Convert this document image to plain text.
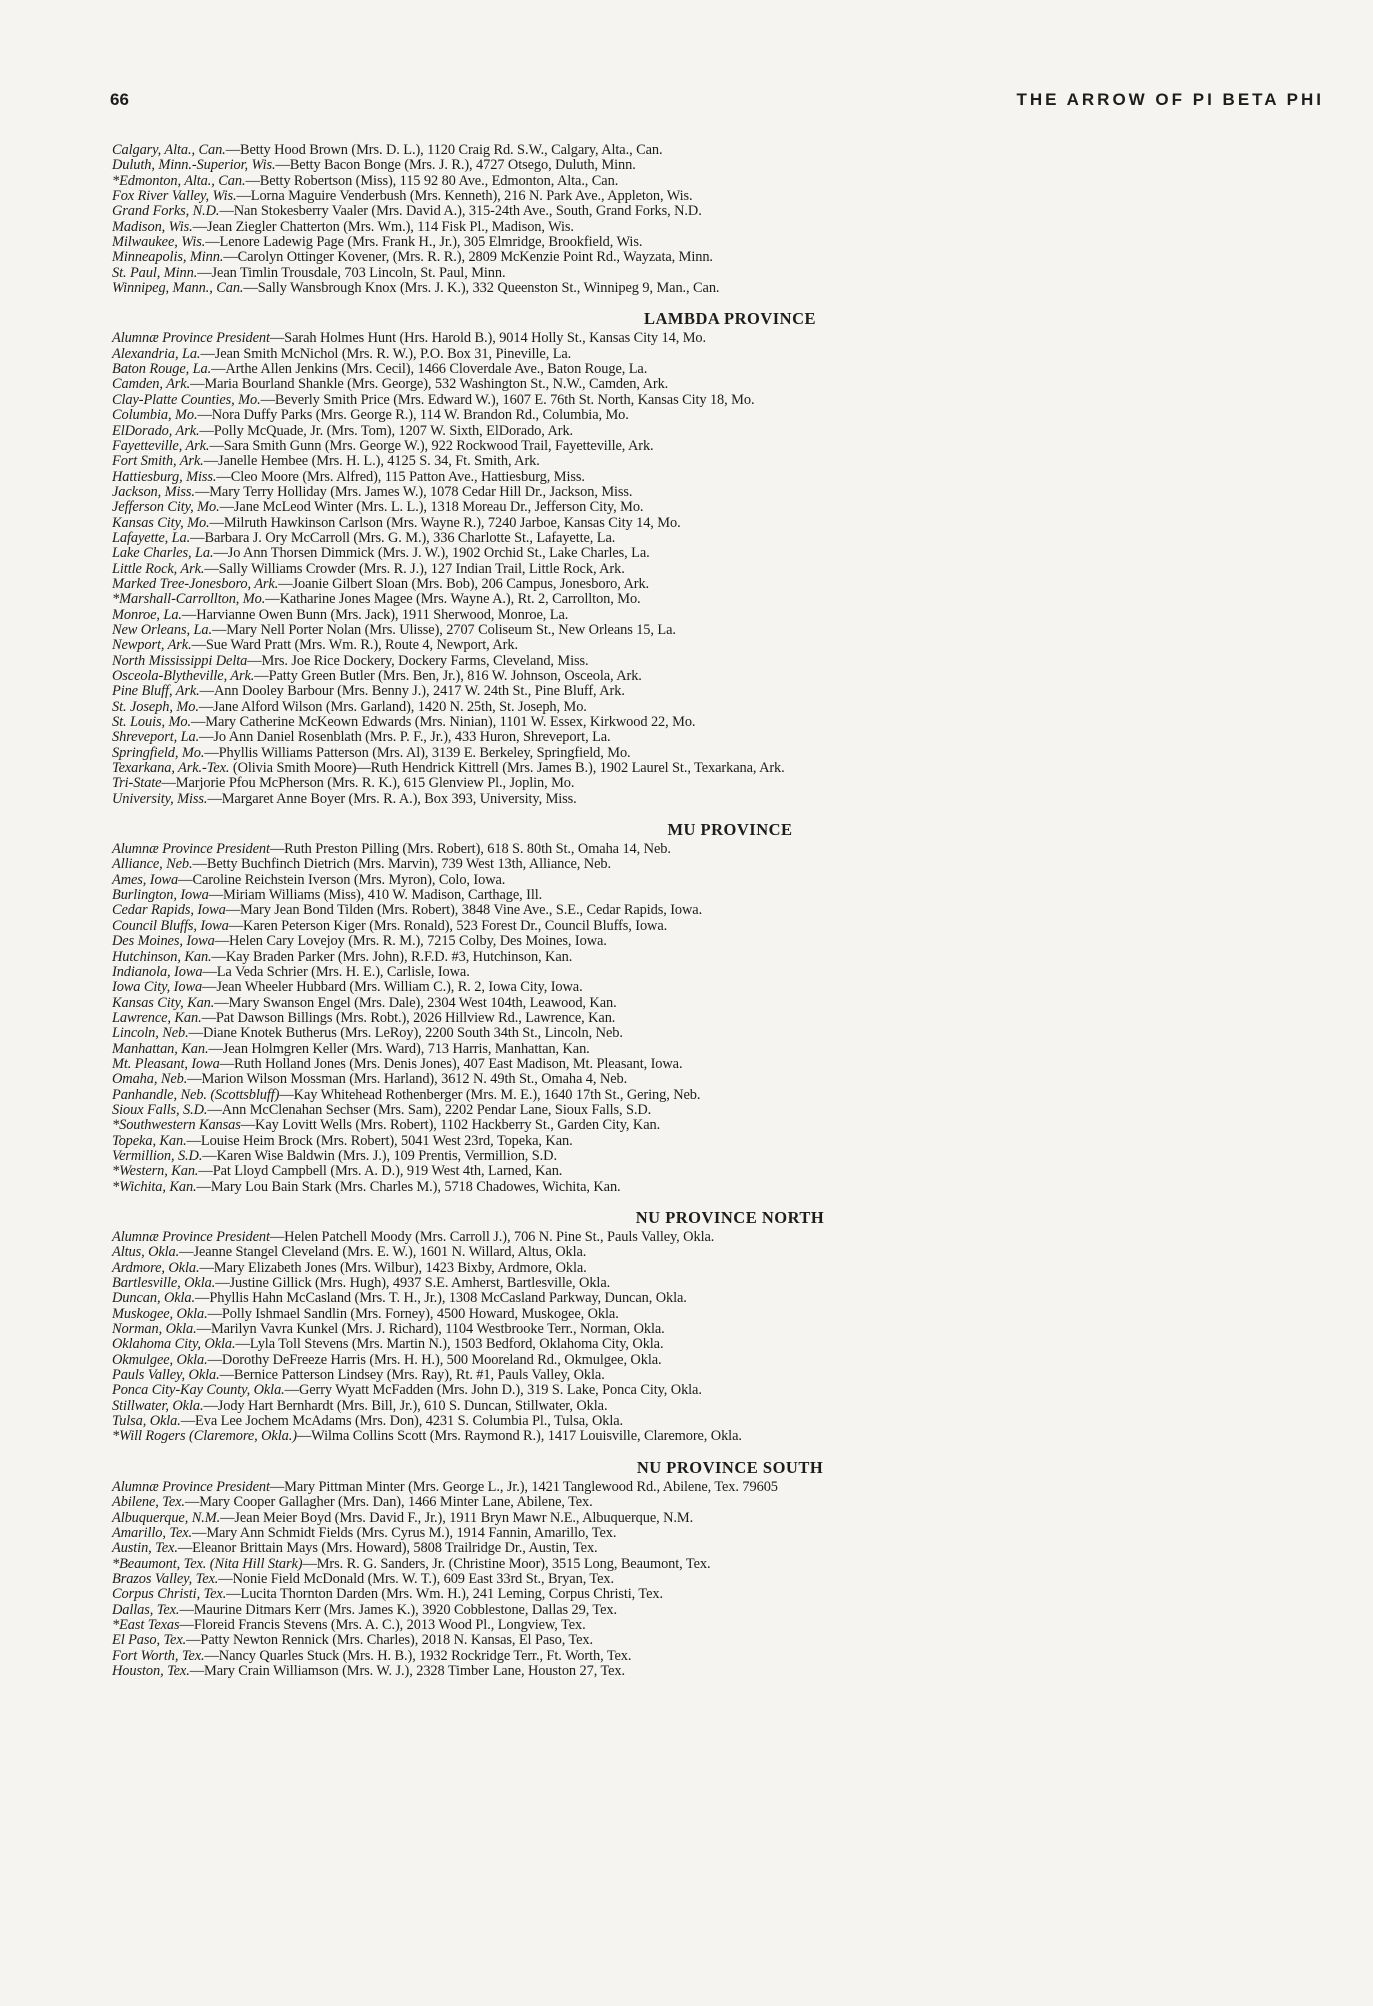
66	THE ARROW OF PI BETA PHI
Calgary, Alta., Can.—Betty Hood Brown (Mrs. D. L.), 1120 Craig Rd. S.W., Calgary, Alta., Can.
Duluth, Minn.-Superior, Wis.—Betty Bacon Bonge (Mrs. J. R.), 4727 Otsego, Duluth, Minn.
*Edmonton, Alta., Can.—Betty Robertson (Miss), 115 92 80 Ave., Edmonton, Alta., Can.
Fox River Valley, Wis.—Lorna Maguire Venderbush (Mrs. Kenneth), 216 N. Park Ave., Appleton, Wis.
Grand Forks, N.D.—Nan Stokesberry Vaaler (Mrs. David A.), 315-24th Ave., South, Grand Forks, N.D.
Madison, Wis.—Jean Ziegler Chatterton (Mrs. Wm.), 114 Fisk Pl., Madison, Wis.
Milwaukee, Wis.—Lenore Ladewig Page (Mrs. Frank H., Jr.), 305 Elmridge, Brookfield, Wis.
Minneapolis, Minn.—Carolyn Ottinger Kovener, (Mrs. R. R.), 2809 McKenzie Point Rd., Wayzata, Minn.
St. Paul, Minn.—Jean Timlin Trousdale, 703 Lincoln, St. Paul, Minn.
Winnipeg, Mann., Can.—Sally Wansbrough Knox (Mrs. J. K.), 332 Queenston St., Winnipeg 9, Man., Can.
LAMBDA PROVINCE
Alumnæ Province President—Sarah Holmes Hunt (Hrs. Harold B.), 9014 Holly St., Kansas City 14, Mo.
Alexandria, La.—Jean Smith McNichol (Mrs. R. W.), P.O. Box 31, Pineville, La.
Baton Rouge, La.—Arthe Allen Jenkins (Mrs. Cecil), 1466 Cloverdale Ave., Baton Rouge, La.
Camden, Ark.—Maria Bourland Shankle (Mrs. George), 532 Washington St., N.W., Camden, Ark.
Clay-Platte Counties, Mo.—Beverly Smith Price (Mrs. Edward W.), 1607 E. 76th St. North, Kansas City 18, Mo.
Columbia, Mo.—Nora Duffy Parks (Mrs. George R.), 114 W. Brandon Rd., Columbia, Mo.
ElDorado, Ark.—Polly McQuade, Jr. (Mrs. Tom), 1207 W. Sixth, ElDorado, Ark.
Fayetteville, Ark.—Sara Smith Gunn (Mrs. George W.), 922 Rockwood Trail, Fayetteville, Ark.
Fort Smith, Ark.—Janelle Hembee (Mrs. H. L.), 4125 S. 34, Ft. Smith, Ark.
Hattiesburg, Miss.—Cleo Moore (Mrs. Alfred), 115 Patton Ave., Hattiesburg, Miss.
Jackson, Miss.—Mary Terry Holliday (Mrs. James W.), 1078 Cedar Hill Dr., Jackson, Miss.
Jefferson City, Mo.—Jane McLeod Winter (Mrs. L. L.), 1318 Moreau Dr., Jefferson City, Mo.
Kansas City, Mo.—Milruth Hawkinson Carlson (Mrs. Wayne R.), 7240 Jarboe, Kansas City 14, Mo.
Lafayette, La.—Barbara J. Ory McCarroll (Mrs. G. M.), 336 Charlotte St., Lafayette, La.
Lake Charles, La.—Jo Ann Thorsen Dimmick (Mrs. J. W.), 1902 Orchid St., Lake Charles, La.
Little Rock, Ark.—Sally Williams Crowder (Mrs. R. J.), 127 Indian Trail, Little Rock, Ark.
Marked Tree-Jonesboro, Ark.—Joanie Gilbert Sloan (Mrs. Bob), 206 Campus, Jonesboro, Ark.
*Marshall-Carrollton, Mo.—Katharine Jones Magee (Mrs. Wayne A.), Rt. 2, Carrollton, Mo.
Monroe, La.—Harvianne Owen Bunn (Mrs. Jack), 1911 Sherwood, Monroe, La.
New Orleans, La.—Mary Nell Porter Nolan (Mrs. Ulisse), 2707 Coliseum St., New Orleans 15, La.
Newport, Ark.—Sue Ward Pratt (Mrs. Wm. R.), Route 4, Newport, Ark.
North Mississippi Delta—Mrs. Joe Rice Dockery, Dockery Farms, Cleveland, Miss.
Osceola-Blytheville, Ark.—Patty Green Butler (Mrs. Ben, Jr.), 816 W. Johnson, Osceola, Ark.
Pine Bluff, Ark.—Ann Dooley Barbour (Mrs. Benny J.), 2417 W. 24th St., Pine Bluff, Ark.
St. Joseph, Mo.—Jane Alford Wilson (Mrs. Garland), 1420 N. 25th, St. Joseph, Mo.
St. Louis, Mo.—Mary Catherine McKeown Edwards (Mrs. Ninian), 1101 W. Essex, Kirkwood 22, Mo.
Shreveport, La.—Jo Ann Daniel Rosenblath (Mrs. P. F., Jr.), 433 Huron, Shreveport, La.
Springfield, Mo.—Phyllis Williams Patterson (Mrs. Al), 3139 E. Berkeley, Springfield, Mo.
Texarkana, Ark.-Tex. (Olivia Smith Moore)—Ruth Hendrick Kittrell (Mrs. James B.), 1902 Laurel St., Texarkana, Ark.
Tri-State—Marjorie Pfou McPherson (Mrs. R. K.), 615 Glenview Pl., Joplin, Mo.
University, Miss.—Margaret Anne Boyer (Mrs. R. A.), Box 393, University, Miss.
MU PROVINCE
Alumnæ Province President—Ruth Preston Pilling (Mrs. Robert), 618 S. 80th St., Omaha 14, Neb.
Alliance, Neb.—Betty Buchfinch Dietrich (Mrs. Marvin), 739 West 13th, Alliance, Neb.
Ames, Iowa—Caroline Reichstein Iverson (Mrs. Myron), Colo, Iowa.
Burlington, Iowa—Miriam Williams (Miss), 410 W. Madison, Carthage, Ill.
Cedar Rapids, Iowa—Mary Jean Bond Tilden (Mrs. Robert), 3848 Vine Ave., S.E., Cedar Rapids, Iowa.
Council Bluffs, Iowa—Karen Peterson Kiger (Mrs. Ronald), 523 Forest Dr., Council Bluffs, Iowa.
Des Moines, Iowa—Helen Cary Lovejoy (Mrs. R. M.), 7215 Colby, Des Moines, Iowa.
Hutchinson, Kan.—Kay Braden Parker (Mrs. John), R.F.D. #3, Hutchinson, Kan.
Indianola, Iowa—La Veda Schrier (Mrs. H. E.), Carlisle, Iowa.
Iowa City, Iowa—Jean Wheeler Hubbard (Mrs. William C.), R. 2, Iowa City, Iowa.
Kansas City, Kan.—Mary Swanson Engel (Mrs. Dale), 2304 West 104th, Leawood, Kan.
Lawrence, Kan.—Pat Dawson Billings (Mrs. Robt.), 2026 Hillview Rd., Lawrence, Kan.
Lincoln, Neb.—Diane Knotek Butherus (Mrs. LeRoy), 2200 South 34th St., Lincoln, Neb.
Manhattan, Kan.—Jean Holmgren Keller (Mrs. Ward), 713 Harris, Manhattan, Kan.
Mt. Pleasant, Iowa—Ruth Holland Jones (Mrs. Denis Jones), 407 East Madison, Mt. Pleasant, Iowa.
Omaha, Neb.—Marion Wilson Mossman (Mrs. Harland), 3612 N. 49th St., Omaha 4, Neb.
Panhandle, Neb. (Scottsbluff)—Kay Whitehead Rothenberger (Mrs. M. E.), 1640 17th St., Gering, Neb.
Sioux Falls, S.D.—Ann McClenahan Sechser (Mrs. Sam), 2202 Pendar Lane, Sioux Falls, S.D.
*Southwestern Kansas—Kay Lovitt Wells (Mrs. Robert), 1102 Hackberry St., Garden City, Kan.
Topeka, Kan.—Louise Heim Brock (Mrs. Robert), 5041 West 23rd, Topeka, Kan.
Vermillion, S.D.—Karen Wise Baldwin (Mrs. J.), 109 Prentis, Vermillion, S.D.
*Western, Kan.—Pat Lloyd Campbell (Mrs. A. D.), 919 West 4th, Larned, Kan.
*Wichita, Kan.—Mary Lou Bain Stark (Mrs. Charles M.), 5718 Chadowes, Wichita, Kan.
NU PROVINCE NORTH
Alumnæ Province President—Helen Patchell Moody (Mrs. Carroll J.), 706 N. Pine St., Pauls Valley, Okla.
Altus, Okla.—Jeanne Stangel Cleveland (Mrs. E. W.), 1601 N. Willard, Altus, Okla.
Ardmore, Okla.—Mary Elizabeth Jones (Mrs. Wilbur), 1423 Bixby, Ardmore, Okla.
Bartlesville, Okla.—Justine Gillick (Mrs. Hugh), 4937 S.E. Amherst, Bartlesville, Okla.
Duncan, Okla.—Phyllis Hahn McCasland (Mrs. T. H., Jr.), 1308 McCasland Parkway, Duncan, Okla.
Muskogee, Okla.—Polly Ishmael Sandlin (Mrs. Forney), 4500 Howard, Muskogee, Okla.
Norman, Okla.—Marilyn Vavra Kunkel (Mrs. J. Richard), 1104 Westbrooke Terr., Norman, Okla.
Oklahoma City, Okla.—Lyla Toll Stevens (Mrs. Martin N.), 1503 Bedford, Oklahoma City, Okla.
Okmulgee, Okla.—Dorothy DeFreeze Harris (Mrs. H. H.), 500 Mooreland Rd., Okmulgee, Okla.
Pauls Valley, Okla.—Bernice Patterson Lindsey (Mrs. Ray), Rt. #1, Pauls Valley, Okla.
Ponca City-Kay County, Okla.—Gerry Wyatt McFadden (Mrs. John D.), 319 S. Lake, Ponca City, Okla.
Stillwater, Okla.—Jody Hart Bernhardt (Mrs. Bill, Jr.), 610 S. Duncan, Stillwater, Okla.
Tulsa, Okla.—Eva Lee Jochem McAdams (Mrs. Don), 4231 S. Columbia Pl., Tulsa, Okla.
*Will Rogers (Claremore, Okla.)—Wilma Collins Scott (Mrs. Raymond R.), 1417 Louisville, Claremore, Okla.
NU PROVINCE SOUTH
Alumnæ Province President—Mary Pittman Minter (Mrs. George L., Jr.), 1421 Tanglewood Rd., Abilene, Tex. 79605
Abilene, Tex.—Mary Cooper Gallagher (Mrs. Dan), 1466 Minter Lane, Abilene, Tex.
Albuquerque, N.M.—Jean Meier Boyd (Mrs. David F., Jr.), 1911 Bryn Mawr N.E., Albuquerque, N.M.
Amarillo, Tex.—Mary Ann Schmidt Fields (Mrs. Cyrus M.), 1914 Fannin, Amarillo, Tex.
Austin, Tex.—Eleanor Brittain Mays (Mrs. Howard), 5808 Trailridge Dr., Austin, Tex.
*Beaumont, Tex. (Nita Hill Stark)—Mrs. R. G. Sanders, Jr. (Christine Moor), 3515 Long, Beaumont, Tex.
Brazos Valley, Tex.—Nonie Field McDonald (Mrs. W. T.), 609 East 33rd St., Bryan, Tex.
Corpus Christi, Tex.—Lucita Thornton Darden (Mrs. Wm. H.), 241 Leming, Corpus Christi, Tex.
Dallas, Tex.—Maurine Ditmars Kerr (Mrs. James K.), 3920 Cobblestone, Dallas 29, Tex.
*East Texas—Floreid Francis Stevens (Mrs. A. C.), 2013 Wood Pl., Longview, Tex.
El Paso, Tex.—Patty Newton Rennick (Mrs. Charles), 2018 N. Kansas, El Paso, Tex.
Fort Worth, Tex.—Nancy Quarles Stuck (Mrs. H. B.), 1932 Rockridge Terr., Ft. Worth, Tex.
Houston, Tex.—Mary Crain Williamson (Mrs. W. J.), 2328 Timber Lane, Houston 27, Tex.
